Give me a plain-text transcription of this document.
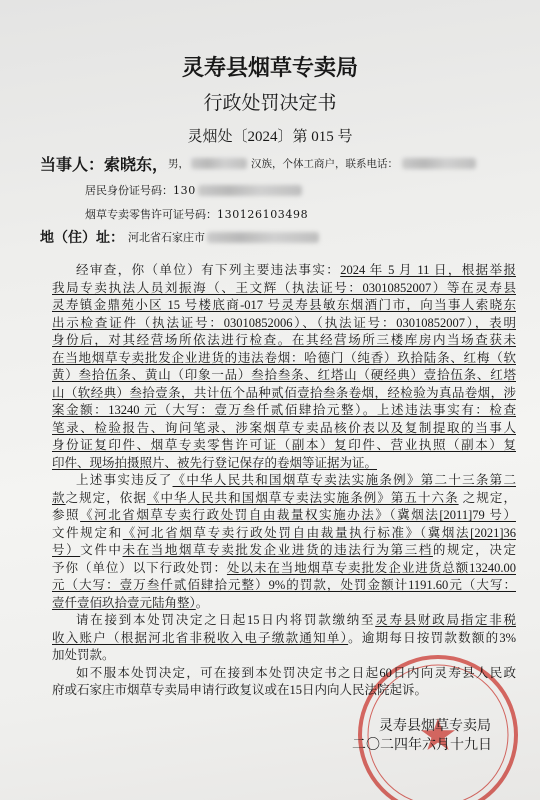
灵寿县烟草专卖局
行政处罚决定书
灵烟处〔2024〕第 015 号
当事人： 索晓东， 男，	汉族，个体工商户，联系电话：
居民身份证号码： 130
烟草专卖零售许可证号码： 130126103498
地（住）址： 河北省石家庄市
经审查，你（单位）有下列主要违法事实：2024 年 5 月 11 日，根据举报
我局专卖执法人员刘振海（、王文辉（执法证号：03010852007）等在灵寿县
灵寿镇金鼎苑小区 15 号楼底商-017 号灵寿县敏东烟酒门市，向当事人索晓东
出示检查证件（执法证号：03010852006）、（执法证号：03010852007），表明
身份后，对其经营场所依法进行检查。在其经营场所三楼库房内当场查获未
在当地烟草专卖批发企业进货的违法卷烟：哈德门（纯香）玖拾陆条、红梅（软
黄）叁拾伍条、黄山（印象一品）叁拾叁条、红塔山（硬经典）壹拾伍条、红塔
山（软经典）叁拾壹条，共计伍个品种贰佰壹拾叁条卷烟，经检验为真品卷烟，涉
案金额：13240 元（大写：壹万叁仟贰佰肆拾元整）。上述违法事实有：检查
笔录、检验报告、询问笔录、涉案烟草专卖品核价表以及复制提取的当事人
身份证复印件、烟草专卖零售许可证（副本）复印件、营业执照（副本）复
印件、现场拍摄照片、被先行登记保存的卷烟等证据为证。
上述事实违反了《中华人民共和国烟草专卖法实施条例》第二十三条第二
款之规定，依据《中华人民共和国烟草专卖法实施条例》第五十六条 之规定，
参照《河北省烟草专卖行政处罚自由裁量权实施办法》（冀烟法[2011]79 号）
文件规定和《河北省烟草专卖行政处罚自由裁量执行标准》（冀烟法[2021]36
号）文件中未在当地烟草专卖批发企业进货的违法行为第三档的规定，决定
予你（单位）以下行政处罚：处以未在当地烟草专卖批发企业进货总额13240.00
元（大写：壹万叁仟贰佰肆拾元整）9%的罚款，处罚金额计1191.60元（大写：
壹仟壹佰玖拾壹元陆角整）。
请在接到本处罚决定之日起15日内将罚款缴纳至灵寿县财政局指定非税
收入账户（根据河北省非税收入电子缴款通知单）。逾期每日按罚款数额的3%
加处罚款。
如不服本处罚决定，可在接到本处罚决定书之日起60日内向灵寿县人民政
府或石家庄市烟草专卖局申请行政复议或在15日内向人民法院起诉。
灵寿县烟草专卖局
二〇二四年六月十九日
